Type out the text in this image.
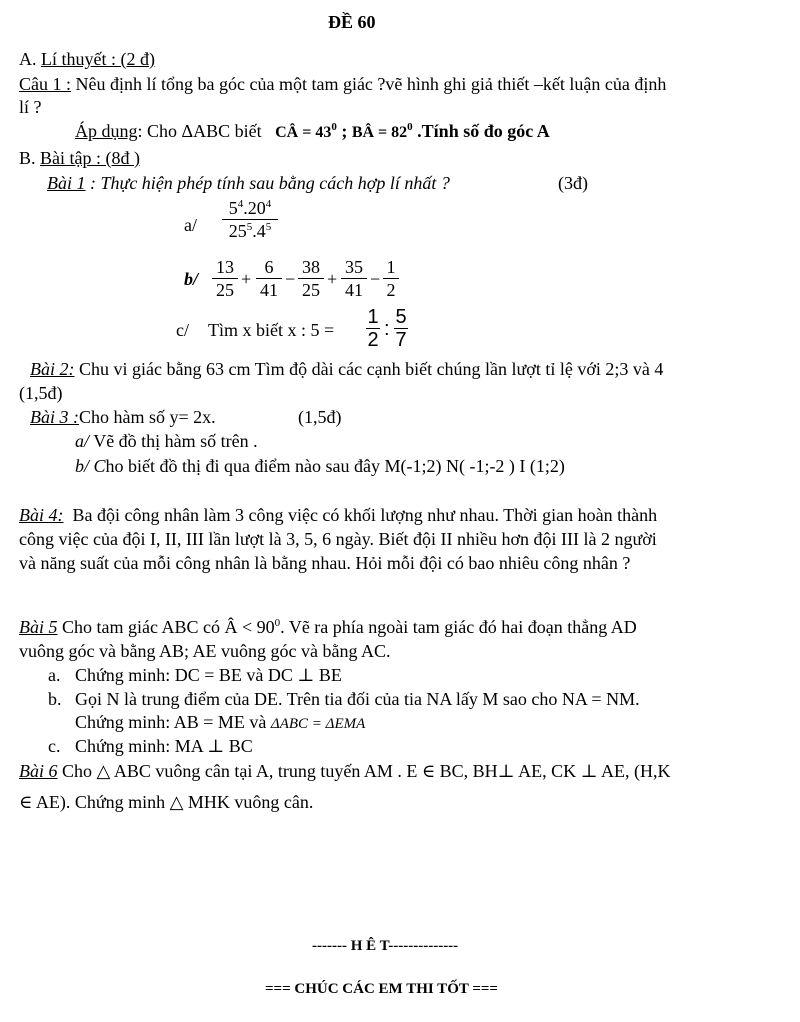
ĐỀ 60
A. Lí thuyết : (2 đ)
Câu 1 : Nêu định lí tổng ba góc của một tam giác ?vẽ hình ghi giả thiết –kết luận của định
lí ?
Áp dụng: Cho ΔABC biết CÂ = $43^0$ ; BÂ = $82^0$ .Tính số đo góc A
B. Bài tập : (8đ )
Bài 1 : Thực hiện phép tính sau bằng cách hợp lí nhất ?	(3đ)
a/
$5^4.20^4$
$25^5.4^5$
b/
13
25
+
6
41
−
38
25
+
35
41
−
1
2
c/ Tìm x biết x : 5 =
1
2 :
5
7
Bài 2: Chu vi giác bằng 63 cm Tìm độ dài các cạnh biết chúng lần lượt tỉ lệ với 2;3 và 4
(1,5đ)
Bài 3 :Cho hàm số y= 2x.	(1,5đ)
a/ Vẽ đồ thị hàm số trên .
b/ Cho biết đồ thị đi qua điểm nào sau đây M(-1;2) N( -1;-2 ) I (1;2)
Bài 4: Ba đội công nhân làm 3 công việc có khối lượng như nhau. Thời gian hoàn thành
công việc của đội I, II, III lần lượt là 3, 5, 6 ngày. Biết đội II nhiều hơn đội III là 2 người
và năng suất của mỗi công nhân là bằng nhau. Hỏi mỗi đội có bao nhiêu công nhân ?
Bài 5 Cho tam giác ABC có Â < $90^0$. Vẽ ra phía ngoài tam giác đó hai đoạn thẳng AD
vuông góc và bằng AB; AE vuông góc và bằng AC.
a. Chứng minh: DC = BE và DC ⊥ BE
b. Gọi N là trung điểm của DE. Trên tia đối của tia NA lấy M sao cho NA = NM.
Chứng minh: AB = ME và ΔABC = ΔEMA
c. Chứng minh: MA ⊥ BC
Bài 6 Cho △ ABC vuông cân tại A, trung tuyến AM . E ∈ BC, BH⊥ AE, CK ⊥ AE, (H,K
∈ AE). Chứng minh △ MHK vuông cân.
------- H Ê T--------------
=== CHÚC CÁC EM THI TỐT ===
